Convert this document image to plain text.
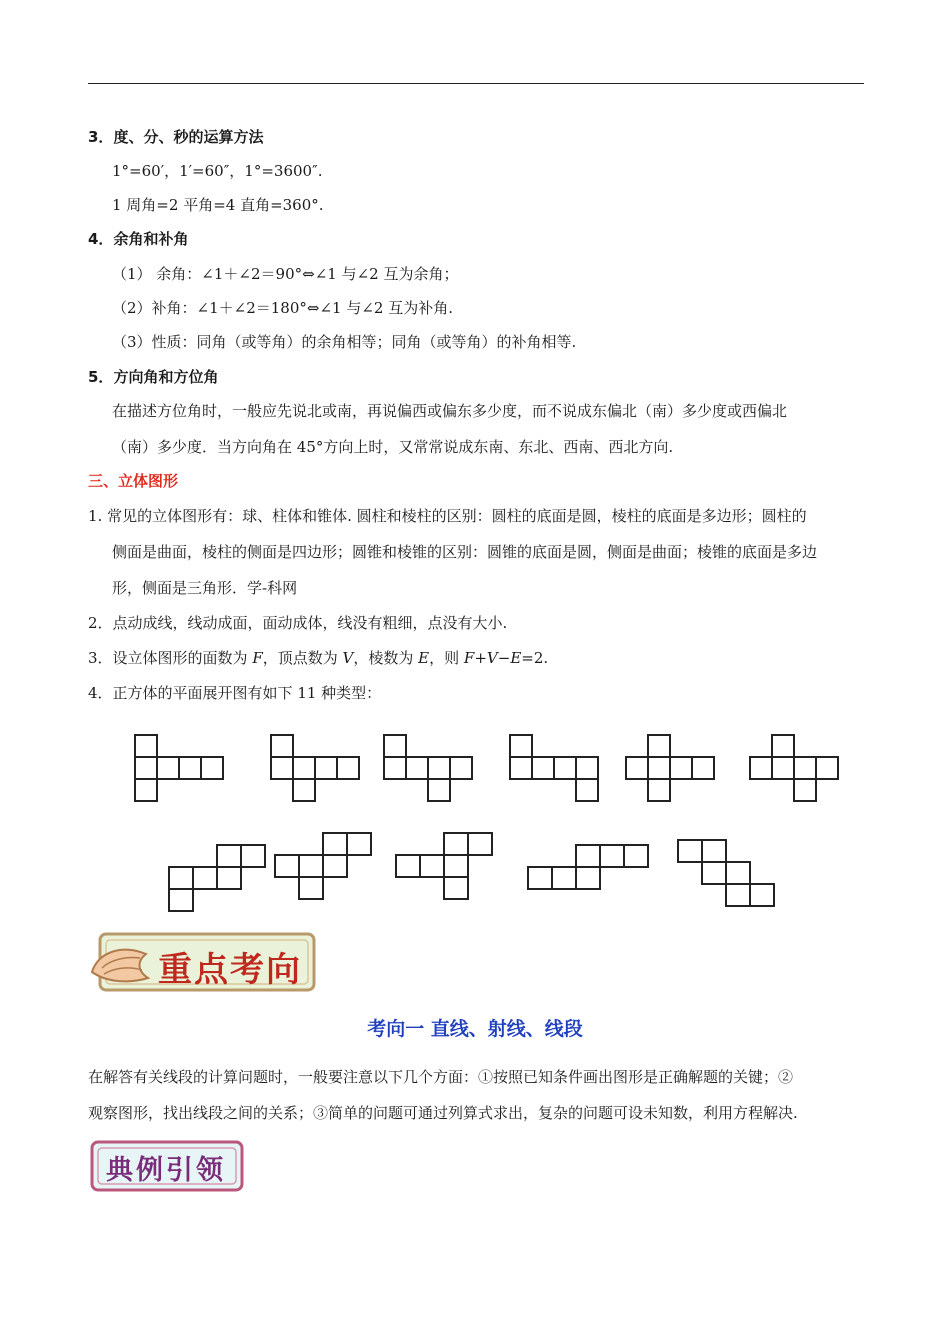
3．度、分、秒的运算方法
1°=60′，1′=60″，1°=3600″.
1 周角=2 平角=4 直角=360°.
4．余角和补角
（1） 余角：∠1＋∠2＝90°⇔∠1 与∠2 互为余角；
（2）补角：∠1＋∠2＝180°⇔∠1 与∠2 互为补角.
（3）性质：同角（或等角）的余角相等；同角（或等角）的补角相等.
5．方向角和方位角
在描述方位角时，一般应先说北或南，再说偏西或偏东多少度，而不说成东偏北（南）多少度或西偏北
（南）多少度．当方向角在 45°方向上时，又常常说成东南、东北、西南、西北方向.
三、立体图形
1. 常见的立体图形有：球、柱体和锥体. 圆柱和棱柱的区别：圆柱的底面是圆，棱柱的底面是多边形；圆柱的
侧面是曲面，棱柱的侧面是四边形；圆锥和棱锥的区别：圆锥的底面是圆，侧面是曲面；棱锥的底面是多边
形，侧面是三角形．学-科网
2．点动成线，线动成面，面动成体，线没有粗细，点没有大小.
3．设立体图形的面数为 F，顶点数为 V，棱数为 E，则 F+V−E=2.
4．正方体的平面展开图有如下 11 种类型：
重点考向
考向一 直线、射线、线段
在解答有关线段的计算问题时，一般要注意以下几个方面：①按照已知条件画出图形是正确解题的关键；②
观察图形，找出线段之间的关系；③简单的问题可通过列算式求出，复杂的问题可设未知数，利用方程解决.
典例引领
